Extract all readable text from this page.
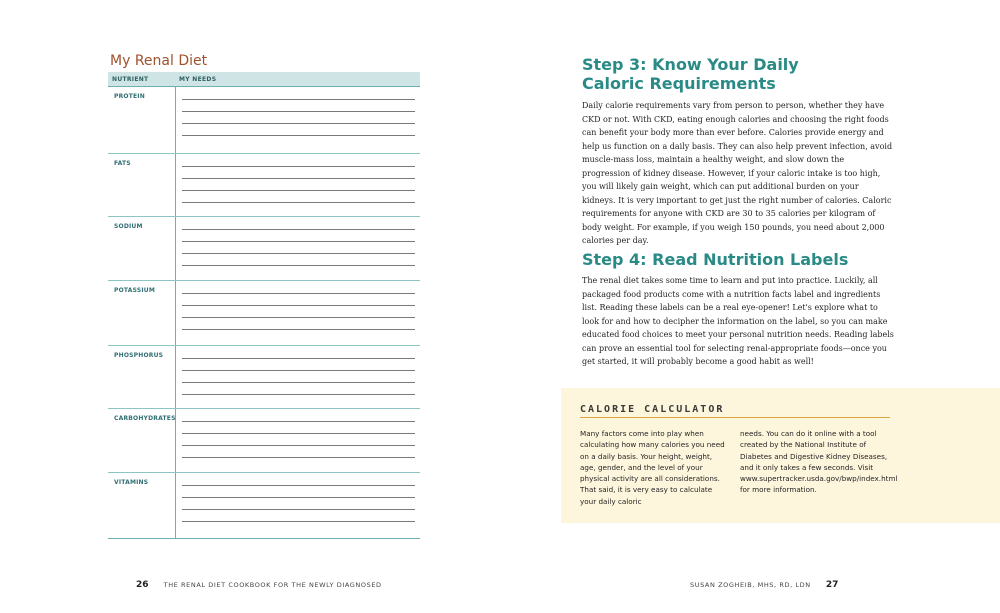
My Renal Diet
NUTRIENT	MY NEEDS
PROTEIN
FATS
SODIUM
POTASSIUM
PHOSPHORUS
CARBOHYDRATES
VITAMINS
26 THE RENAL DIET COOKBOOK FOR THE NEWLY DIAGNOSED
Step 3: Know Your Daily Caloric Requirements
Daily calorie requirements vary from person to person, whether they have CKD or not. With CKD, eating enough calories and choosing the right foods can benefit your body more than ever before. Calories provide energy and help us function on a daily basis. They can also help prevent infection, avoid muscle-mass loss, maintain a healthy weight, and slow down the progression of kidney disease. However, if your caloric intake is too high, you will likely gain weight, which can put additional burden on your kidneys. It is very important to get just the right number of calories. Caloric requirements for anyone with CKD are 30 to 35 calories per kilogram of body weight. For example, if you weigh 150 pounds, you need about 2,000 calories per day.
Step 4: Read Nutrition Labels
The renal diet takes some time to learn and put into practice. Luckily, all packaged food products come with a nutrition facts label and ingredients list. Reading these labels can be a real eye-opener! Let's explore what to look for and how to decipher the information on the label, so you can make educated food choices to meet your personal nutrition needs. Reading labels can prove an essential tool for selecting renal-appropriate foods—once you get started, it will probably become a good habit as well!
CALORIE CALCULATOR
Many factors come into play when calculating how many calories you need on a daily basis. Your height, weight, age, gender, and the level of your physical activity are all considerations. That said, it is very easy to calculate your daily caloric
needs. You can do it online with a tool created by the National Institute of Diabetes and Digestive Kidney Diseases, and it only takes a few seconds. Visit www.supertracker.usda.gov/bwp/index.html for more information.
SUSAN ZOGHEIB, MHS, RD, LDN 27
